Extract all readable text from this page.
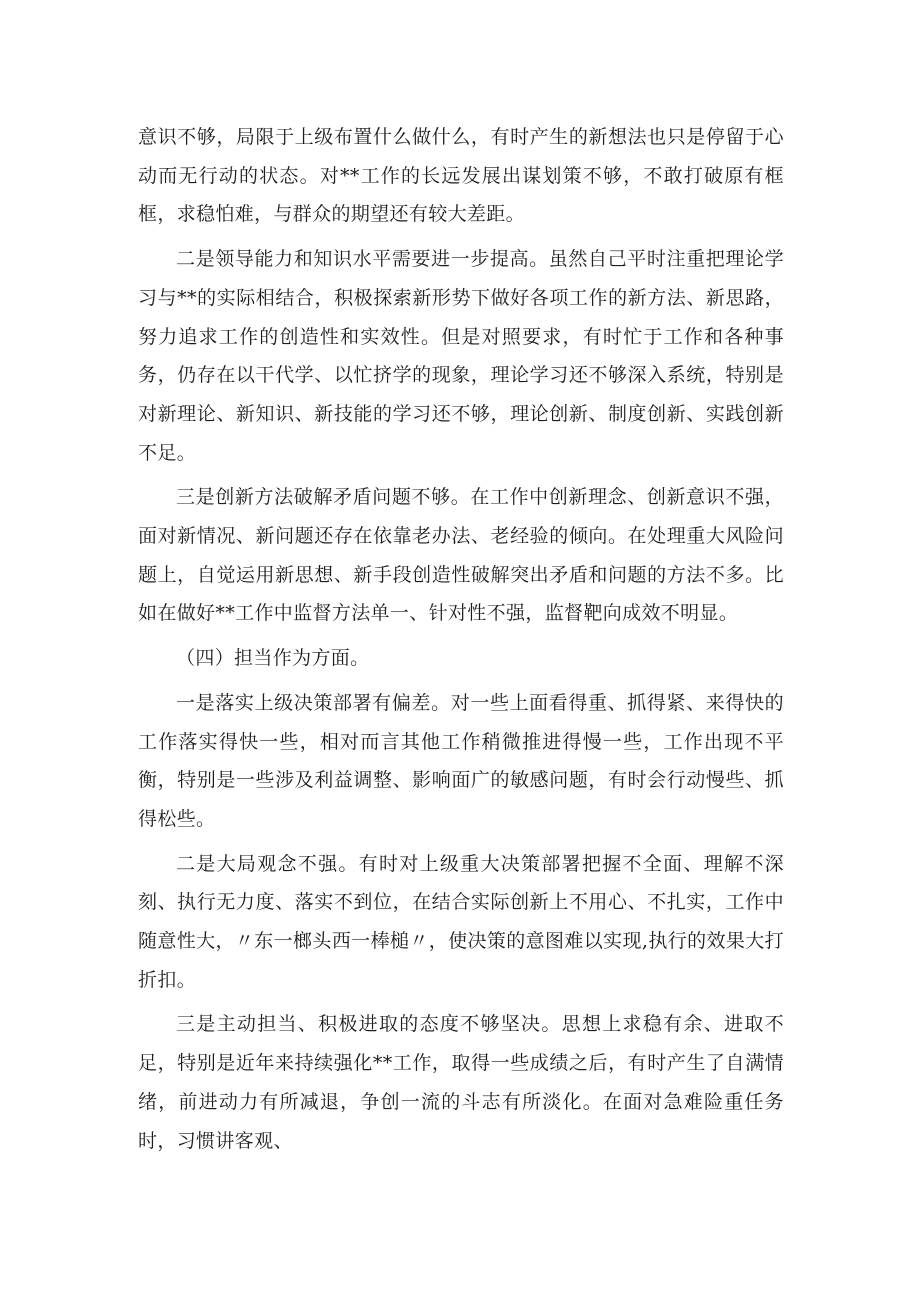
意识不够，局限于上级布置什么做什么，有时产生的新想法也只是停留于心动而无行动的状态。对**工作的长远发展出谋划策不够，不敢打破原有框框，求稳怕难，与群众的期望还有较大差距。

二是领导能力和知识水平需要进一步提高。虽然自己平时注重把理论学习与**的实际相结合，积极探索新形势下做好各项工作的新方法、新思路，努力追求工作的创造性和实效性。但是对照要求，有时忙于工作和各种事务，仍存在以干代学、以忙挤学的现象，理论学习还不够深入系统，特别是对新理论、新知识、新技能的学习还不够，理论创新、制度创新、实践创新不足。

三是创新方法破解矛盾问题不够。在工作中创新理念、创新意识不强，面对新情况、新问题还存在依靠老办法、老经验的倾向。在处理重大风险问题上，自觉运用新思想、新手段创造性破解突出矛盾和问题的方法不多。比如在做好**工作中监督方法单一、针对性不强，监督靶向成效不明显。

（四）担当作为方面。

一是落实上级决策部署有偏差。对一些上面看得重、抓得紧、来得快的工作落实得快一些，相对而言其他工作稍微推进得慢一些，工作出现不平衡，特别是一些涉及利益调整、影响面广的敏感问题，有时会行动慢些、抓得松些。

二是大局观念不强。有时对上级重大决策部署把握不全面、理解不深刻、执行无力度、落实不到位，在结合实际创新上不用心、不扎实，工作中随意性大，〃东一榔头西一棒槌〃，使决策的意图难以实现,执行的效果大打折扣。

三是主动担当、积极进取的态度不够坚决。思想上求稳有余、进取不足，特别是近年来持续强化**工作，取得一些成绩之后，有时产生了自满情绪，前进动力有所减退，争创一流的斗志有所淡化。在面对急难险重任务时，习惯讲客观、
